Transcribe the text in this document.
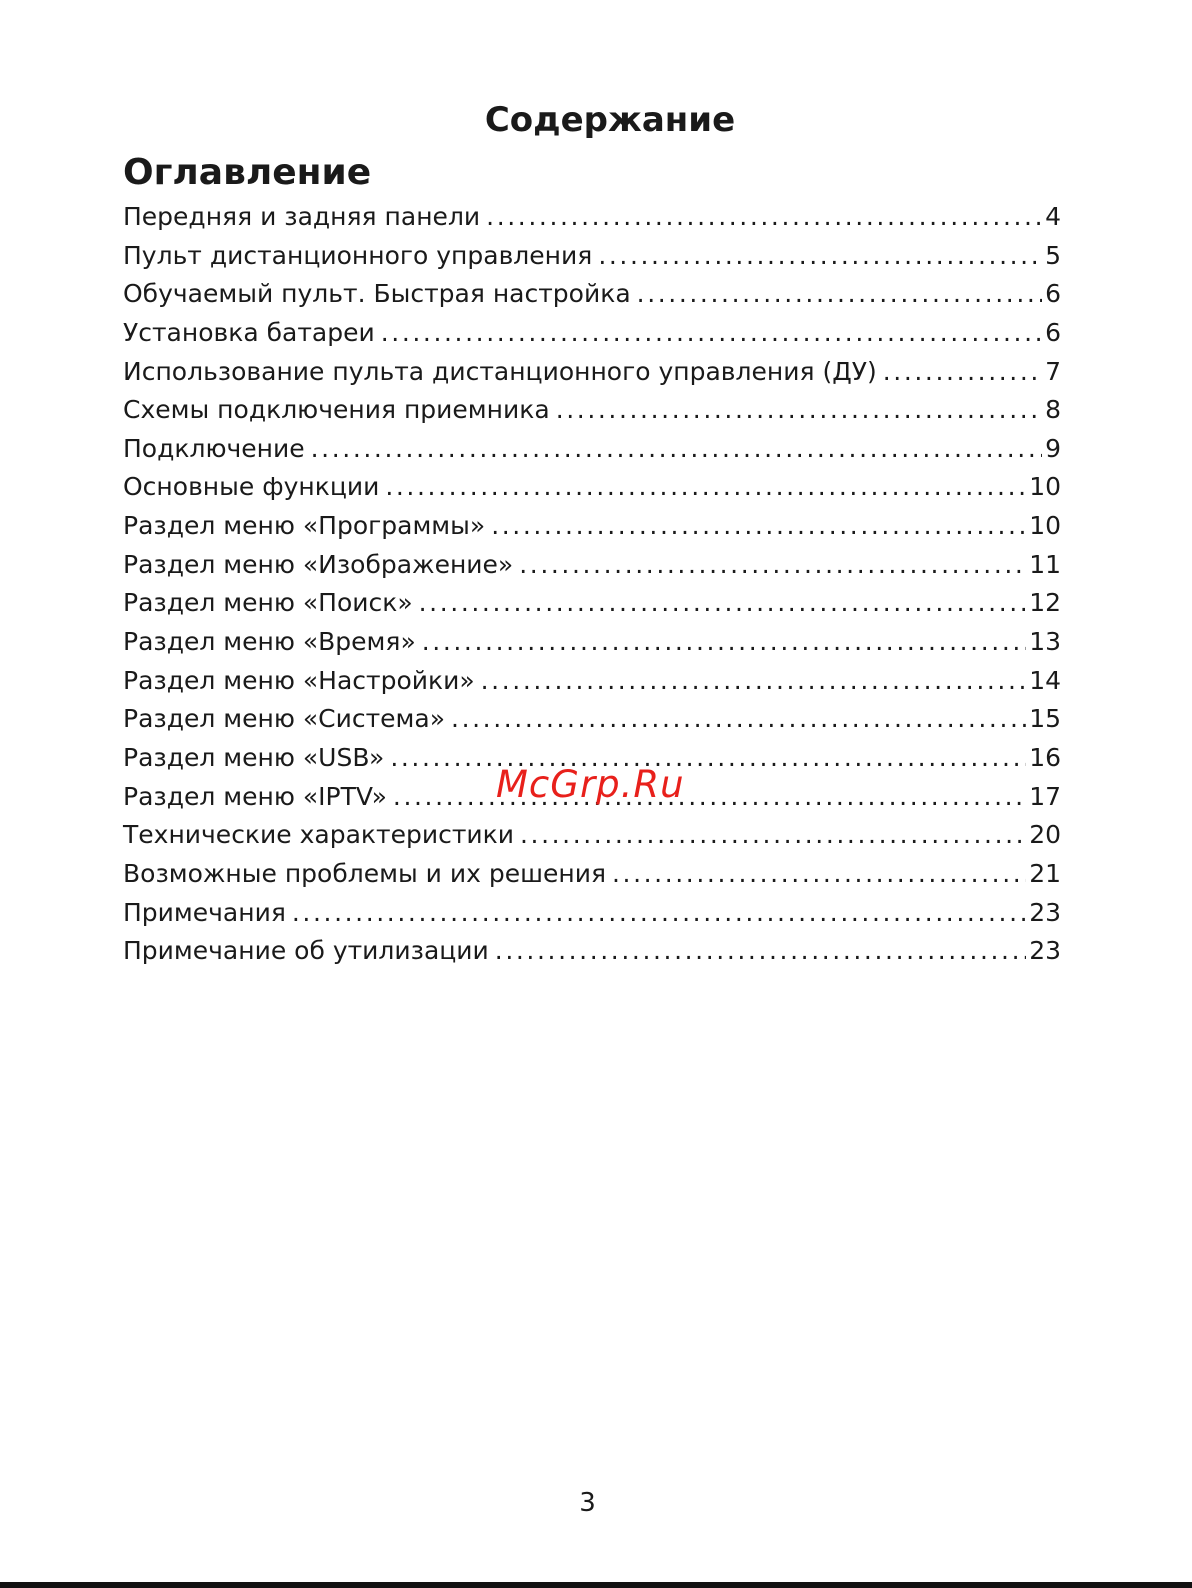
Содержание
Оглавление
Передняя и задняя панели .....	4
Пульт дистанционного управления .....	5
Обучаемый пульт. Быстрая настройка .....	6
Установка батареи .....	6
Использование пульта дистанционного управления (ДУ) .....	7
Схемы подключения приемника .....	8
Подключение .....	9
Основные функции .....	10
Раздел меню «Программы» .....	10
Раздел меню «Изображение» .....	11
Раздел меню «Поиск» .....	12
Раздел меню «Время» .....	13
Раздел меню «Настройки» .....	14
Раздел меню «Система» .....	15
Раздел меню «USB» .....	16
Раздел меню «IPTV» .....	17
Технические характеристики .....	20
Возможные проблемы и их решения .....	21
Примечания .....	23
Примечание об утилизации .....	23
McGrp.Ru
3
